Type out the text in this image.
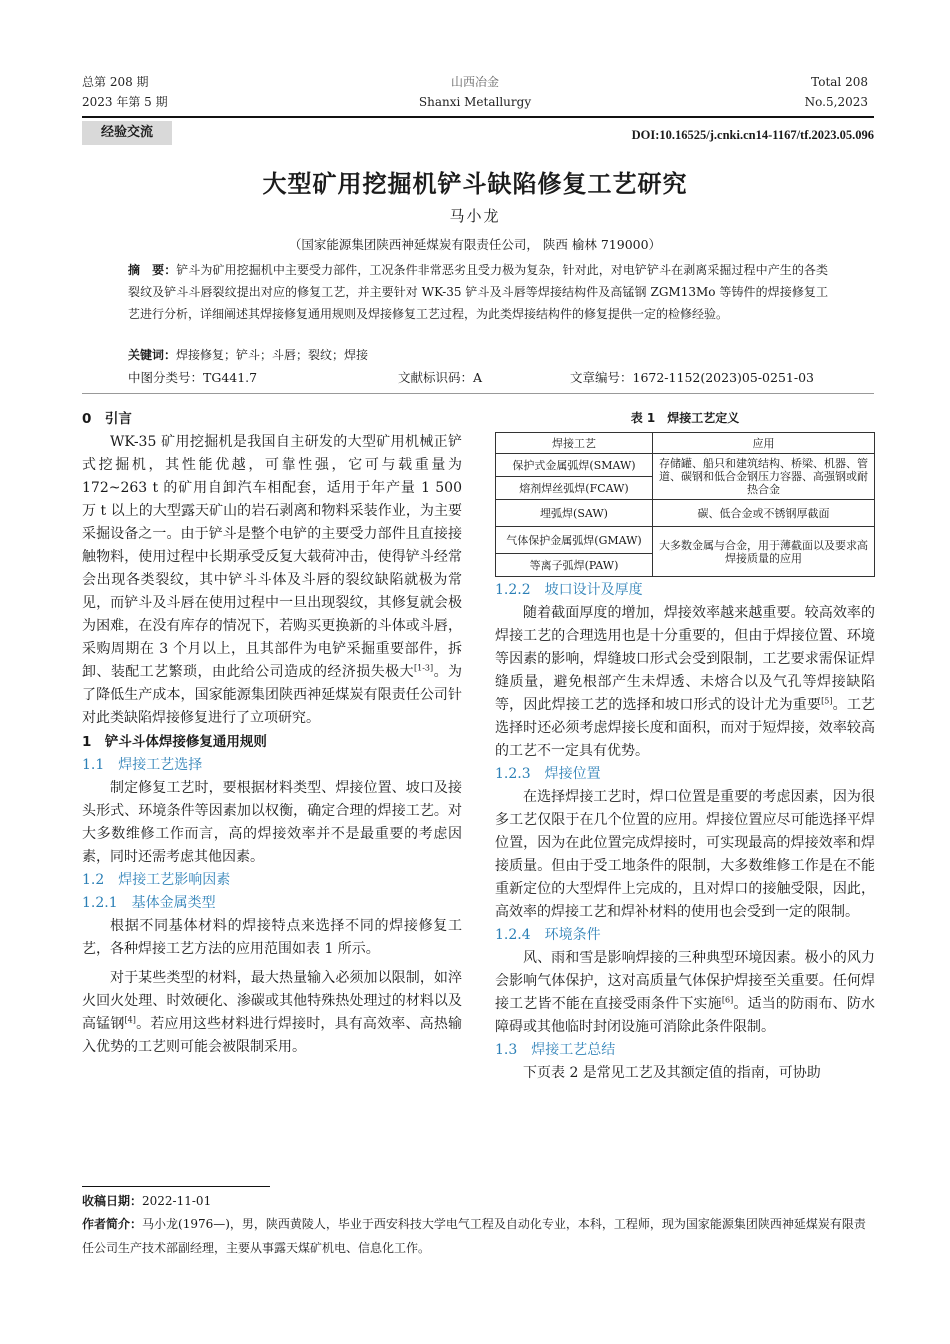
总第 208 期
2023 年第 5 期
山西冶金
Shanxi Metallurgy
Total 208
No.5,2023
经验交流	DOI:10.16525/j.cnki.cn14-1167/tf.2023.05.096
大型矿用挖掘机铲斗缺陷修复工艺研究
马小龙
（国家能源集团陕西神延煤炭有限责任公司， 陕西 榆林 719000）
摘　要：铲斗为矿用挖掘机中主要受力部件，工况条件非常恶劣且受力极为复杂，针对此，对电铲铲斗在剥离采掘过程中产生的各类裂纹及铲斗斗唇裂纹提出对应的修复工艺，并主要针对 WK-35 铲斗及斗唇等焊接结构件及高锰钢 ZGM13Mo 等铸件的焊接修复工艺进行分析，详细阐述其焊接修复通用规则及焊接修复工艺过程，为此类焊接结构件的修复提供一定的检修经验。
关键词：焊接修复；铲斗；斗唇；裂纹；焊接
中图分类号：TG441.7	文献标识码：A	文章编号：1672-1152(2023)05-0251-03
0　引言

WK-35 矿用挖掘机是我国自主研发的大型矿用机械正铲式挖掘机，其性能优越，可靠性强，它可与载重量为 172~263 t 的矿用自卸汽车相配套，适用于年产量 1 500 万 t 以上的大型露天矿山的岩石剥离和物料采装作业，为主要采掘设备之一。由于铲斗是整个电铲的主要受力部件且直接接触物料，使用过程中长期承受反复大载荷冲击，使得铲斗经常会出现各类裂纹，其中铲斗斗体及斗唇的裂纹缺陷就极为常见，而铲斗及斗唇在使用过程中一旦出现裂纹，其修复就会极为困难，在没有库存的情况下，若购买更换新的斗体或斗唇，采购周期在 3 个月以上，且其部件为电铲采掘重要部件，拆卸、装配工艺繁琐，由此给公司造成的经济损失极大[1-3]。为了降低生产成本，国家能源集团陕西神延煤炭有限责任公司针对此类缺陷焊接修复进行了立项研究。

1　铲斗斗体焊接修复通用规则
1.1　焊接工艺选择

制定修复工艺时，要根据材料类型、焊接位置、坡口及接头形式、环境条件等因素加以权衡，确定合理的焊接工艺。对大多数维修工作而言，高的焊接效率并不是最重要的考虑因素，同时还需考虑其他因素。

1.2　焊接工艺影响因素
1.2.1　基体金属类型

根据不同基体材料的焊接特点来选择不同的焊接修复工艺，各种焊接工艺方法的应用范围如表 1 所示。

对于某些类型的材料，最大热量输入必须加以限制，如淬火回火处理、时效硬化、渗碳或其他特殊热处理过的材料以及高锰钢[4]。若应用这些材料进行焊接时，具有高效率、高热输入优势的工艺则可能会被限制采用。

表 1　焊接工艺定义
焊接工艺	应用
保护式金属弧焊(SMAW)	存储罐、船只和建筑结构、桥梁、机器、管道、碳钢和低合金钢压力容器、高强钢或耐热合金
熔剂焊丝弧焊(FCAW)	
埋弧焊(SAW)	碳、低合金或不锈钢厚截面
气体保护金属弧焊(GMAW)	大多数金属与合金，用于薄截面以及要求高焊接质量的应用
等离子弧焊(PAW)	
1.2.2　坡口设计及厚度

随着截面厚度的增加，焊接效率越来越重要。较高效率的焊接工艺的合理选用也是十分重要的，但由于焊接位置、环境等因素的影响，焊缝坡口形式会受到限制，工艺要求需保证焊缝质量，避免根部产生未焊透、未熔合以及气孔等焊接缺陷等，因此焊接工艺的选择和坡口形式的设计尤为重要[5]。工艺选择时还必须考虑焊接长度和面积，而对于短焊接，效率较高的工艺不一定具有优势。

1.2.3　焊接位置

在选择焊接工艺时，焊口位置是重要的考虑因素，因为很多工艺仅限于在几个位置的应用。焊接位置应尽可能选择平焊位置，因为在此位置完成焊接时，可实现最高的焊接效率和焊接质量。但由于受工地条件的限制，大多数维修工作是在不能重新定位的大型焊件上完成的，且对焊口的接触受限，因此，高效率的焊接工艺和焊补材料的使用也会受到一定的限制。

1.2.4　环境条件

风、雨和雪是影响焊接的三种典型环境因素。极小的风力会影响气体保护，这对高质量气体保护焊接至关重要。任何焊接工艺皆不能在直接受雨条件下实施[6]。适当的防雨布、防水障碍或其他临时封闭设施可消除此条件限制。

1.3　焊接工艺总结

下页表 2 是常见工艺及其额定值的指南，可协助

收稿日期：2022-11-01
作者简介：马小龙(1976—)，男，陕西黄陵人，毕业于西安科技大学电气工程及自动化专业，本科，工程师，现为国家能源集团陕西神延煤炭有限责任公司生产技术部副经理，主要从事露天煤矿机电、信息化工作。
